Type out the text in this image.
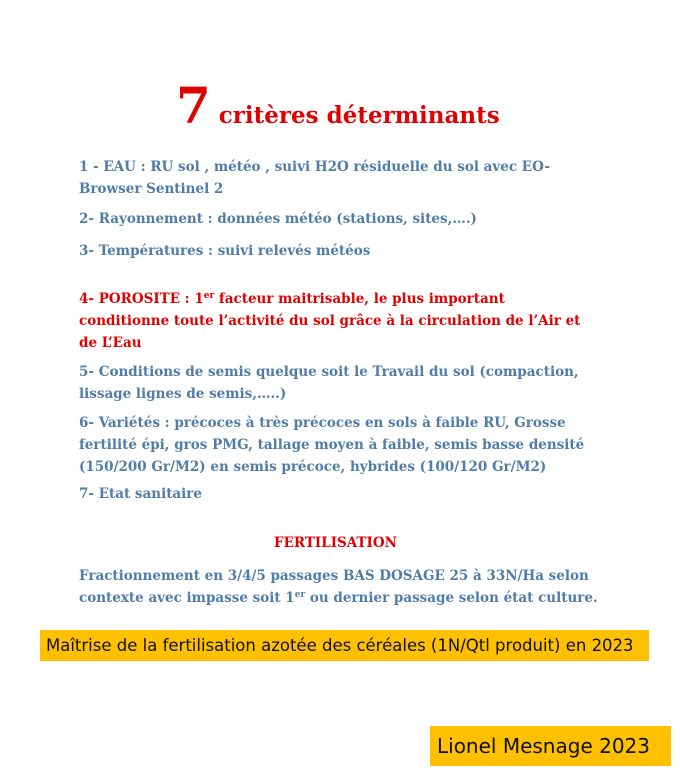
7 critères déterminants
1 - EAU : RU sol , météo , suivi H2O résiduelle du sol avec EO-Browser Sentinel 2
2- Rayonnement : données météo (stations, sites,….)
3- Températures : suivi relevés météos
4- POROSITE : 1er facteur maitrisable, le plus important conditionne toute l’activité du sol grâce à la circulation de l’Air et de L’Eau
5- Conditions de semis quelque soit le Travail du sol (compaction, lissage lignes de semis,…..)
6- Variétés : précoces à très précoces en sols à faible RU, Grosse fertilité épi, gros PMG, tallage moyen à faible, semis basse densité (150/200 Gr/M2) en semis précoce, hybrides (100/120 Gr/M2)
7- Etat sanitaire
FERTILISATION
Fractionnement en 3/4/5 passages BAS DOSAGE 25 à 33N/Ha selon contexte avec impasse soit 1er ou dernier passage selon état culture.
Maîtrise de la fertilisation azotée des céréales (1N/Qtl produit) en 2023
Lionel Mesnage 2023
